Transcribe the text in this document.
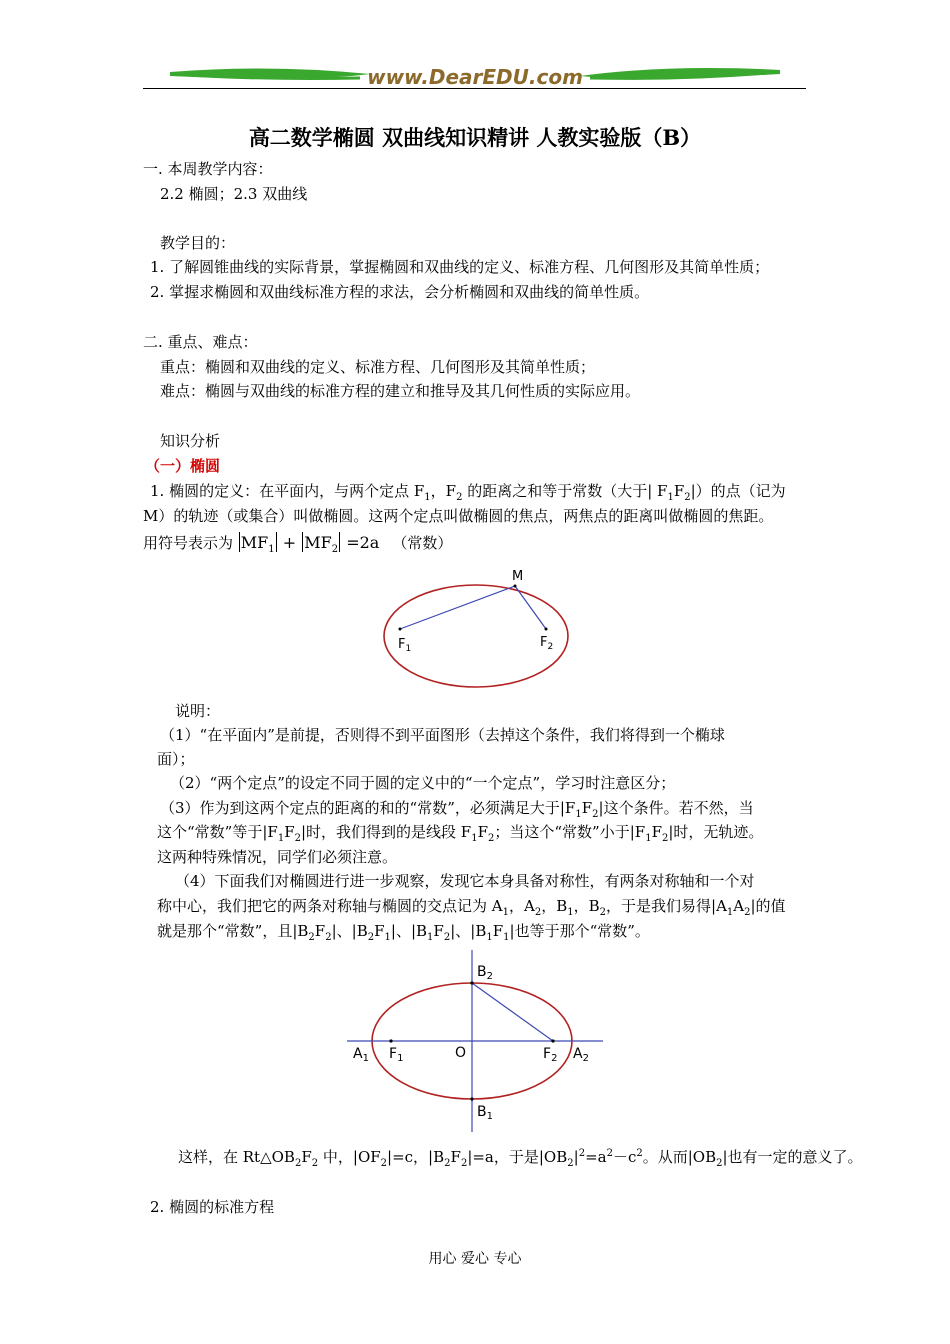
www.DearEDU.com
高二数学椭圆 双曲线知识精讲 人教实验版（B）
一. 本周教学内容：
2.2 椭圆；2.3 双曲线
教学目的：
1. 了解圆锥曲线的实际背景，掌握椭圆和双曲线的定义、标准方程、几何图形及其简单性质；
2. 掌握求椭圆和双曲线标准方程的求法，会分析椭圆和双曲线的简单性质。
二. 重点、难点：
重点：椭圆和双曲线的定义、标准方程、几何图形及其简单性质；
难点：椭圆与双曲线的标准方程的建立和推导及其几何性质的实际应用。
知识分析
（一）椭圆
1. 椭圆的定义：在平面内，与两个定点 $F_1$，$F_2$ 的距离之和等于常数（大于| $F_1F_2|$）的点（记为
M）的轨迹（或集合）叫做椭圆。这两个定点叫做椭圆的焦点，两焦点的距离叫做椭圆的焦距。
用符号表示为 $MF_1 + MF_2 =2a$ （常数）
M
$F_1$	$F_2$
说明：
（1）“在平面内”是前提，否则得不到平面图形（去掉这个条件，我们将得到一个椭球
面）；
（2）“两个定点”的设定不同于圆的定义中的“一个定点”，学习时注意区分；
（3）作为到这两个定点的距离的和的“常数”，必须满足大于$|F_1F_2|$这个条件。若不然，当
这个“常数”等于$|F_1F_2|$时，我们得到的是线段 $F_1F_2$；当这个“常数”小于$|F_1F_2|$时，无轨迹。
这两种特殊情况，同学们必须注意。
（4）下面我们对椭圆进行进一步观察，发现它本身具备对称性，有两条对称轴和一个对
称中心，我们把它的两条对称轴与椭圆的交点记为 $A_1$，$A_2$，$B_1$，$B_2$，于是我们易得$|A_1A_2|$的值
就是那个“常数”，且$|B_2F_2|$、$|B_2F_1|$、$|B_1F_2|$、$|B_1F_1|$也等于那个“常数”。
$B_2$
$B_1$
$A_1$ $F_1$	O	$F_2$ $A_2$
这样，在 $Rt\triangle OB_2F_2$ 中，$|OF_2|=c$，$|B_2F_2|=a$，于是$|OB_2|^2=a^2-c^2$。从而$|OB_2|$也有一定的意义了。
2. 椭圆的标准方程
用心 爱心 专心
